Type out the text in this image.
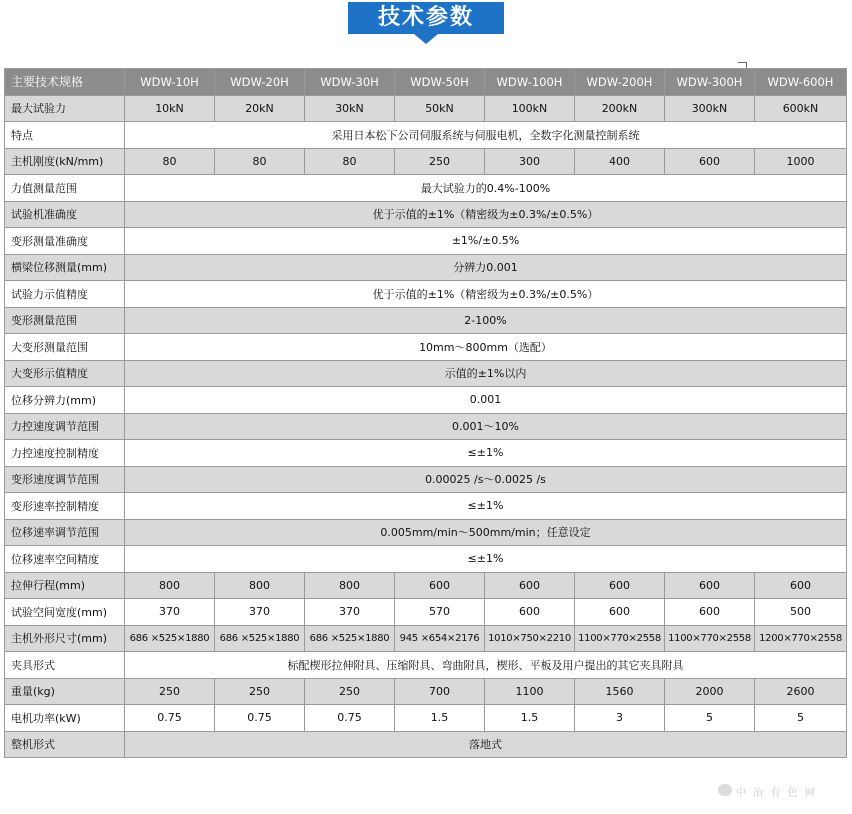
技术参数
主要技术规格	WDW-10H	WDW-20H	WDW-30H	WDW-50H	WDW-100H	WDW-200H	WDW-300H	WDW-600H
最大试验力	10kN	20kN	30kN	50kN	100kN	200kN	300kN	600kN
特点	采用日本松下公司伺服系统与伺服电机，全数字化测量控制系统							
主机刚度(kN/mm)	80	80	80	250	300	400	600	1000
力值测量范围	最大试验力的0.4%-100%							
试验机准确度	优于示值的±1%（精密级为±0.3%/±0.5%）							
变形测量准确度	±1%/±0.5%							
横梁位移测量(mm)	分辨力0.001							
试验力示值精度	优于示值的±1%（精密级为±0.3%/±0.5%）							
变形测量范围	2-100%							
大变形测量范围	10mm～800mm（选配）							
大变形示值精度	示值的±1%以内							
位移分辨力(mm)	0.001							
力控速度调节范围	0.001～10%							
力控速度控制精度	≤±1%							
变形速度调节范围	0.00025 /s～0.0025 /s							
变形速率控制精度	≤±1%							
位移速率调节范围	0.005mm/min～500mm/min；任意设定							
位移速率空间精度	≤±1%							
拉伸行程(mm)	800	800	800	600	600	600	600	600
试验空间宽度(mm)	370	370	370	570	600	600	600	500
主机外形尺寸(mm)	686 ×525×1880	686 ×525×1880	686 ×525×1880	945 ×654×2176	1010×750×2210	1100×770×2558	1100×770×2558	1200×770×2558
夹具形式	标配楔形拉伸附具、压缩附具、弯曲附具，楔形、平板及用户提出的其它夹具附具							
重量(kg)	250	250	250	700	1100	1560	2000	2600
电机功率(kW)	0.75	0.75	0.75	1.5	1.5	3	5	5
整机形式	落地式							
中 冶 有 色 网
